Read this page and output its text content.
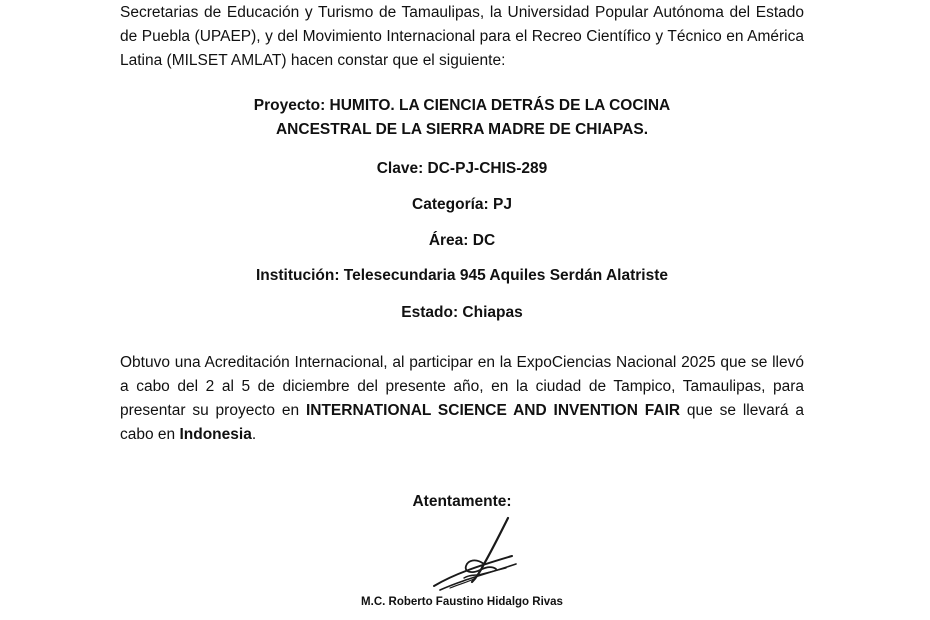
Secretarias de Educación y Turismo de Tamaulipas, la Universidad Popular Autónoma del Estado de Puebla (UPAEP), y del Movimiento Internacional para el Recreo Científico y Técnico en América Latina (MILSET AMLAT) hacen constar que el siguiente:

Proyecto: HUMITO. LA CIENCIA DETRÁS DE LA COCINA
ANCESTRAL DE LA SIERRA MADRE DE CHIAPAS.

Clave: DC-PJ-CHIS-289

Categoría: PJ

Área: DC

Institución: Telesecundaria 945 Aquiles Serdán Alatriste

Estado: Chiapas

Obtuvo una Acreditación Internacional, al participar en la ExpoCiencias Nacional 2025 que se llevó a cabo del 2 al 5 de diciembre del presente año, en la ciudad de Tampico, Tamaulipas, para presentar su proyecto en INTERNATIONAL SCIENCE AND INVENTION FAIR que se llevará a cabo en Indonesia.

Atentamente:

M.C. Roberto Faustino Hidalgo Rivas
